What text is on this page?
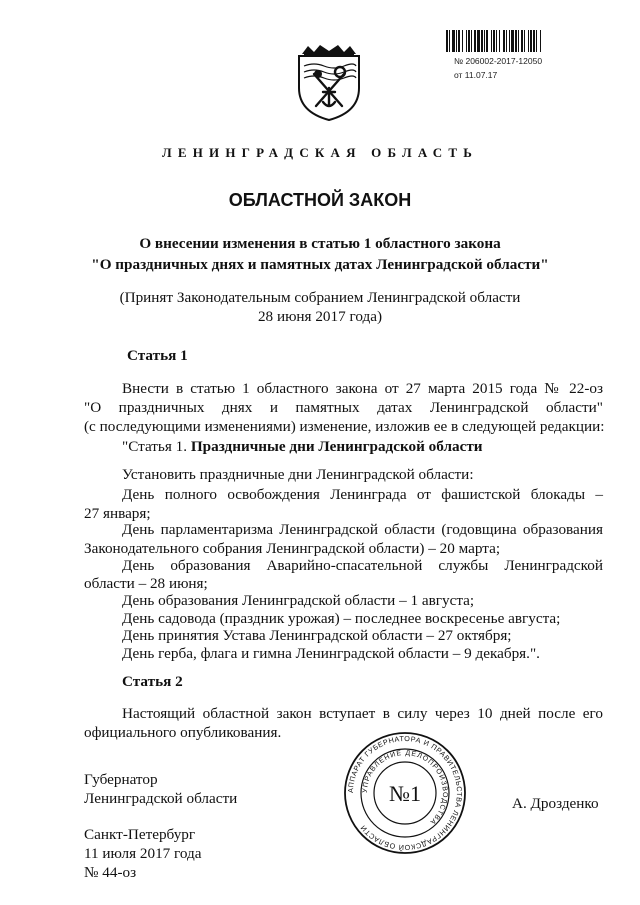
№ 206002-2017-12050
от 11.07.17
ЛЕНИНГРАДСКАЯ ОБЛАСТЬ
ОБЛАСТНОЙ ЗАКОН
О внесении изменения в статью 1 областного закона
"О праздничных днях и памятных датах Ленинградской области"
(Принят Законодательным собранием Ленинградской области
28 июня 2017 года)
Статья 1
Внести в статью 1 областного закона от 27 марта 2015 года № 22-оз
"О праздничных днях и памятных датах Ленинградской области"
(с последующими изменениями) изменение, изложив ее в следующей редакции:
"Статья 1. Праздничные дни Ленинградской области
Установить праздничные дни Ленинградской области:
День полного освобождения Ленинграда от фашистской блокады –
27 января;
День парламентаризма Ленинградской области (годовщина образования
Законодательного собрания Ленинградской области) – 20 марта;
День образования Аварийно-спасательной службы Ленинградской
области – 28 июня;
День образования Ленинградской области – 1 августа;
День садовода (праздник урожая) – последнее воскресенье августа;
День принятия Устава Ленинградской области – 27 октября;
День герба, флага и гимна Ленинградской области – 9 декабря.".
Статья 2
Настоящий областной закон вступает в силу через 10 дней после его
официального опубликования.
Губернатор
Ленинградской области	А. Дрозденко
АППАРАТ ГУБЕРНАТОРА И ПРАВИТЕЛЬСТВА ЛЕНИНГРАДСКОЙ ОБЛАСТИ
УПРАВЛЕНИЕ ДЕЛОПРОИЗВОДСТВА
№1
Санкт-Петербург
11 июля 2017 года
№ 44-оз
